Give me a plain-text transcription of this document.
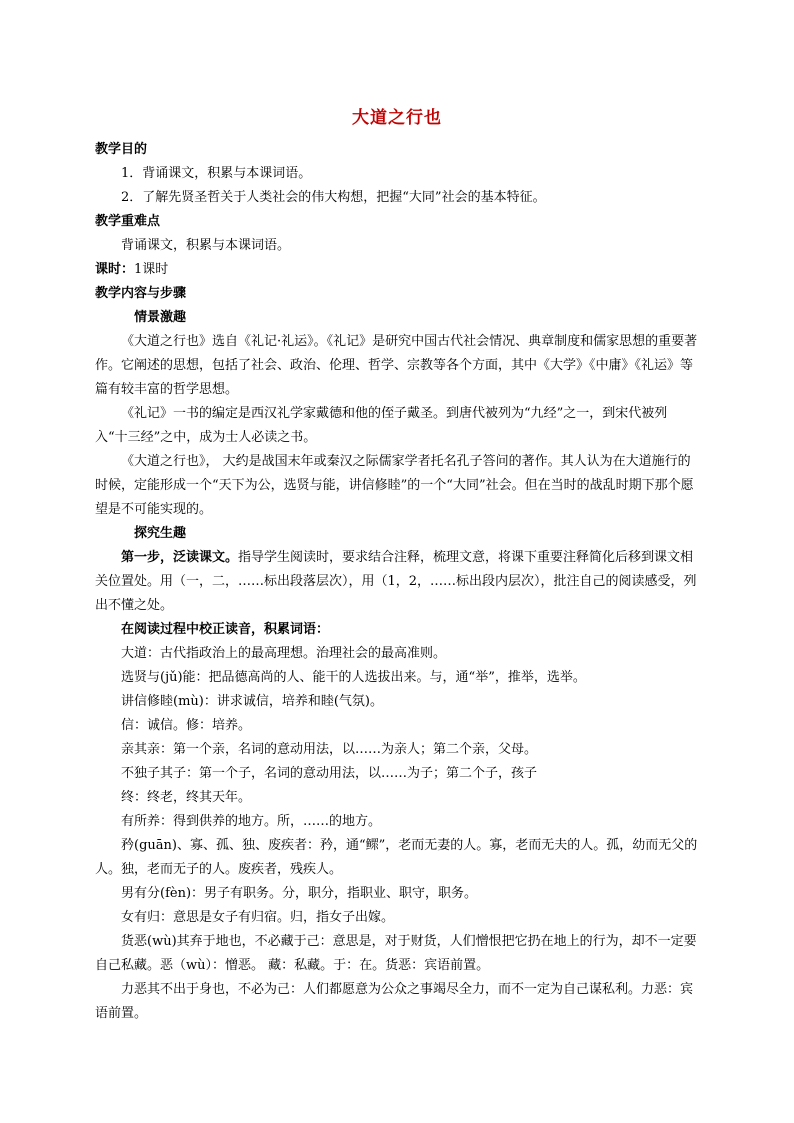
大道之行也

教学目的

1．背诵课文，积累与本课词语。

2．了解先贤圣哲关于人类社会的伟大构想，把握“大同”社会的基本特征。

教学重难点

背诵课文，积累与本课词语。

课时：1课时

教学内容与步骤

情景激趣

《大道之行也》选自《礼记·礼运》。《礼记》是研究中国古代社会情况、典章制度和儒家思想的重要著作。它阐述的思想，包括了社会、政治、伦理、哲学、宗教等各个方面，其中《大学》《中庸》《礼运》等篇有较丰富的哲学思想。

《礼记》一书的编定是西汉礼学家戴德和他的侄子戴圣。到唐代被列为“九经”之一，到宋代被列入“十三经”之中，成为士人必读之书。

《大道之行也》， 大约是战国末年或秦汉之际儒家学者托名孔子答问的著作。其人认为在大道施行的时候，定能形成一个“天下为公，选贤与能，讲信修睦”的一个“大同”社会。但在当时的战乱时期下那个愿望是不可能实现的。

探究生趣

第一步，泛读课文。指导学生阅读时，要求结合注释，梳理文意，将课下重要注释简化后移到课文相关位置处。用（一，二，……标出段落层次），用（1，2，……标出段内层次），批注自己的阅读感受，列出不懂之处。

在阅读过程中校正读音，积累词语：

大道：古代指政治上的最高理想。治理社会的最高准则。

选贤与(jǔ)能：把品德高尚的人、能干的人选拔出来。与，通“举”，推举，选举。

讲信修睦(mù)：讲求诚信，培养和睦(气氛)。

信：诚信。修：培养。

亲其亲：第一个亲，名词的意动用法，以……为亲人；第二个亲，父母。

不独子其子：第一个子，名词的意动用法，以……为子；第二个子，孩子

终：终老，终其天年。

有所养：得到供养的地方。所，……的地方。

矜(guān)、寡、孤、独、废疾者：矜，通“鳏”，老而无妻的人。寡，老而无夫的人。孤，幼而无父的人。独，老而无子的人。废疾者，残疾人。

男有分(fèn)：男子有职务。分，职分，指职业、职守，职务。

女有归：意思是女子有归宿。归，指女子出嫁。

货恶(wù)其弃于地也，不必藏于己：意思是，对于财货，人们憎恨把它扔在地上的行为，却不一定要自己私藏。恶（wù）：憎恶。 藏：私藏。于：在。货恶：宾语前置。

力恶其不出于身也，不必为己：人们都愿意为公众之事竭尽全力，而不一定为自己谋私利。力恶：宾语前置。
